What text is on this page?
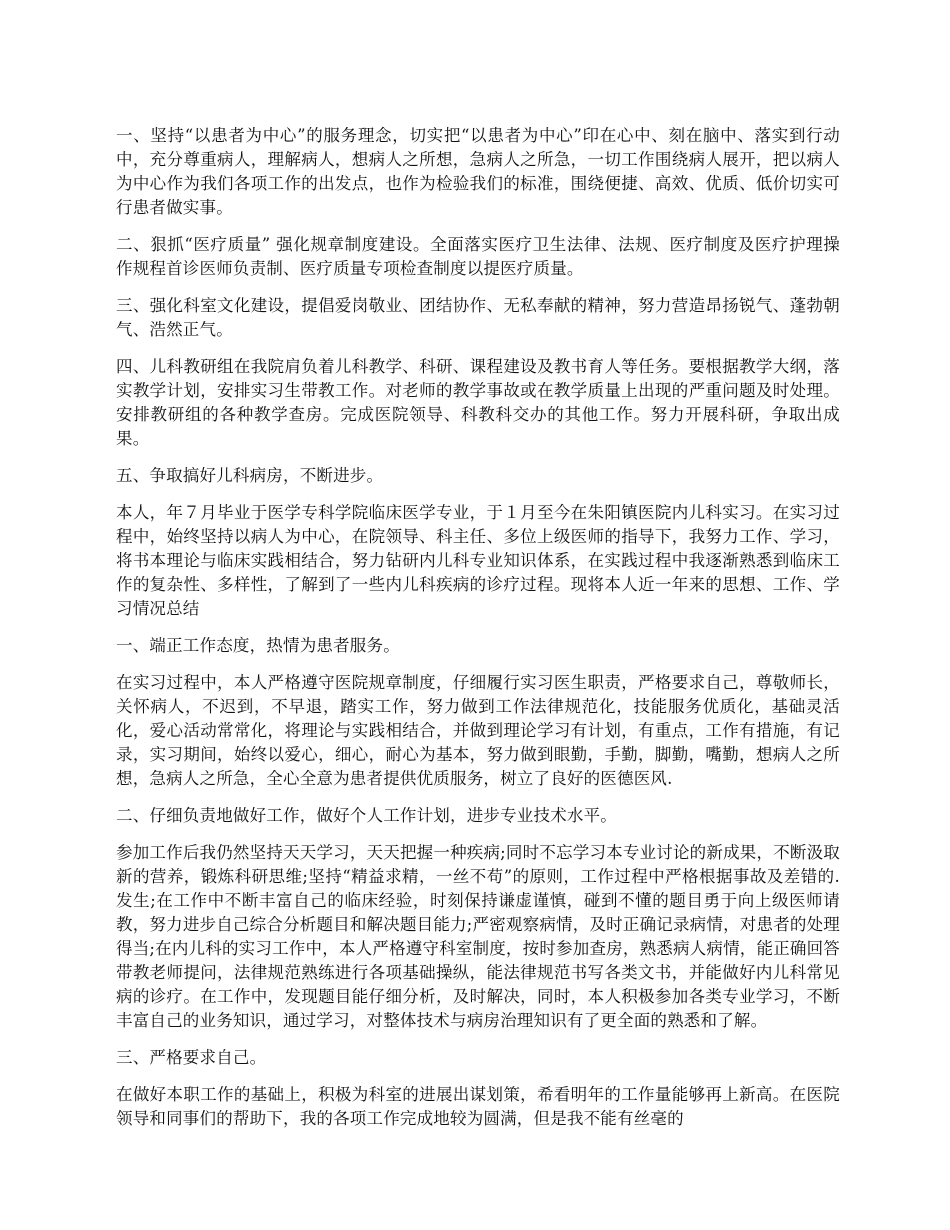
一、坚持“以患者为中心”的服务理念，切实把“以患者为中心”印在心中、刻在脑中、落实到行动中，充分尊重病人，理解病人，想病人之所想，急病人之所急，一切工作围绕病人展开，把以病人为中心作为我们各项工作的出发点，也作为检验我们的标准，围绕便捷、高效、优质、低价切实可行患者做实事。

二、狠抓“医疗质量” 强化规章制度建设。全面落实医疗卫生法律、法规、医疗制度及医疗护理操作规程首诊医师负责制、医疗质量专项检查制度以提医疗质量。

三、强化科室文化建设，提倡爱岗敬业、团结协作、无私奉献的精神，努力营造昂扬锐气、蓬勃朝气、浩然正气。

四、儿科教研组在我院肩负着儿科教学、科研、课程建设及教书育人等任务。要根据教学大纲，落实教学计划，安排实习生带教工作。对老师的教学事故或在教学质量上出现的严重问题及时处理。安排教研组的各种教学查房。完成医院领导、科教科交办的其他工作。努力开展科研，争取出成果。

五、争取搞好儿科病房，不断进步。

本人，年７月毕业于医学专科学院临床医学专业，于１月至今在朱阳镇医院内儿科实习。在实习过程中，始终坚持以病人为中心，在院领导、科主任、多位上级医师的指导下，我努力工作、学习，将书本理论与临床实践相结合，努力钻研内儿科专业知识体系，在实践过程中我逐渐熟悉到临床工作的复杂性、多样性，了解到了一些内儿科疾病的诊疗过程。现将本人近一年来的思想、工作、学习情况总结

一、端正工作态度，热情为患者服务。

在实习过程中，本人严格遵守医院规章制度，仔细履行实习医生职责，严格要求自己，尊敬师长，关怀病人，不迟到，不早退，踏实工作，努力做到工作法律规范化，技能服务优质化，基础灵活化，爱心活动常常化，将理论与实践相结合，并做到理论学习有计划，有重点，工作有措施，有记录，实习期间，始终以爱心，细心，耐心为基本，努力做到眼勤，手勤，脚勤，嘴勤，想病人之所想，急病人之所急，全心全意为患者提供优质服务，树立了良好的医德医风.

二、仔细负责地做好工作，做好个人工作计划，进步专业技术水平。

参加工作后我仍然坚持天天学习，天天把握一种疾病;同时不忘学习本专业讨论的新成果，不断汲取新的营养，锻炼科研思维;坚持“精益求精，一丝不苟”的原则，工作过程中严格根据事故及差错的.发生;在工作中不断丰富自己的临床经验，时刻保持谦虚谨慎，碰到不懂的题目勇于向上级医师请教，努力进步自己综合分析题目和解决题目能力;严密观察病情，及时正确记录病情，对患者的处理得当;在内儿科的实习工作中，本人严格遵守科室制度，按时参加查房，熟悉病人病情，能正确回答带教老师提问，法律规范熟练进行各项基础操纵，能法律规范书写各类文书，并能做好内儿科常见病的诊疗。在工作中，发现题目能仔细分析，及时解决，同时，本人积极参加各类专业学习，不断丰富自己的业务知识，通过学习，对整体技术与病房治理知识有了更全面的熟悉和了解。

三、严格要求自己。

在做好本职工作的基础上，积极为科室的进展出谋划策，希看明年的工作量能够再上新高。在医院领导和同事们的帮助下，我的各项工作完成地较为圆满，但是我不能有丝毫的
